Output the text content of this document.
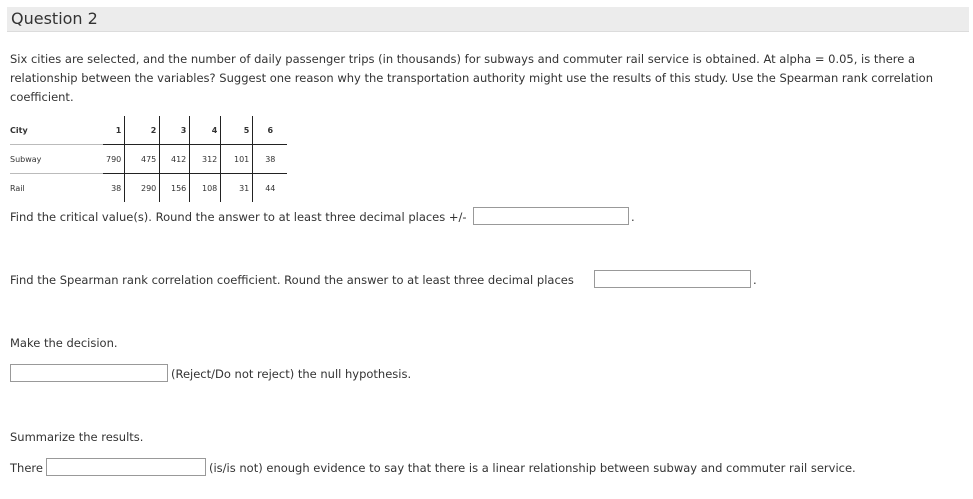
Question 2
Six cities are selected, and the number of daily passenger trips (in thousands) for subways and commuter rail service is obtained. At alpha = 0.05, is there a relationship between the variables? Suggest one reason why the transportation authority might use the results of this study. Use the Spearman rank correlation coefficient.
City	1	2	3	4	5	6
Subway	790	475	412	312	101	38
Rail	38	290	156	108	31	44
Find the critical value(s). Round the answer to at least three decimal places +/-	.
Find the Spearman rank correlation coefficient. Round the answer to at least three decimal places	.
Make the decision.
(Reject/Do not reject) the null hypothesis.
Summarize the results.
There	(is/is not) enough evidence to say that there is a linear relationship between subway and commuter rail service.
